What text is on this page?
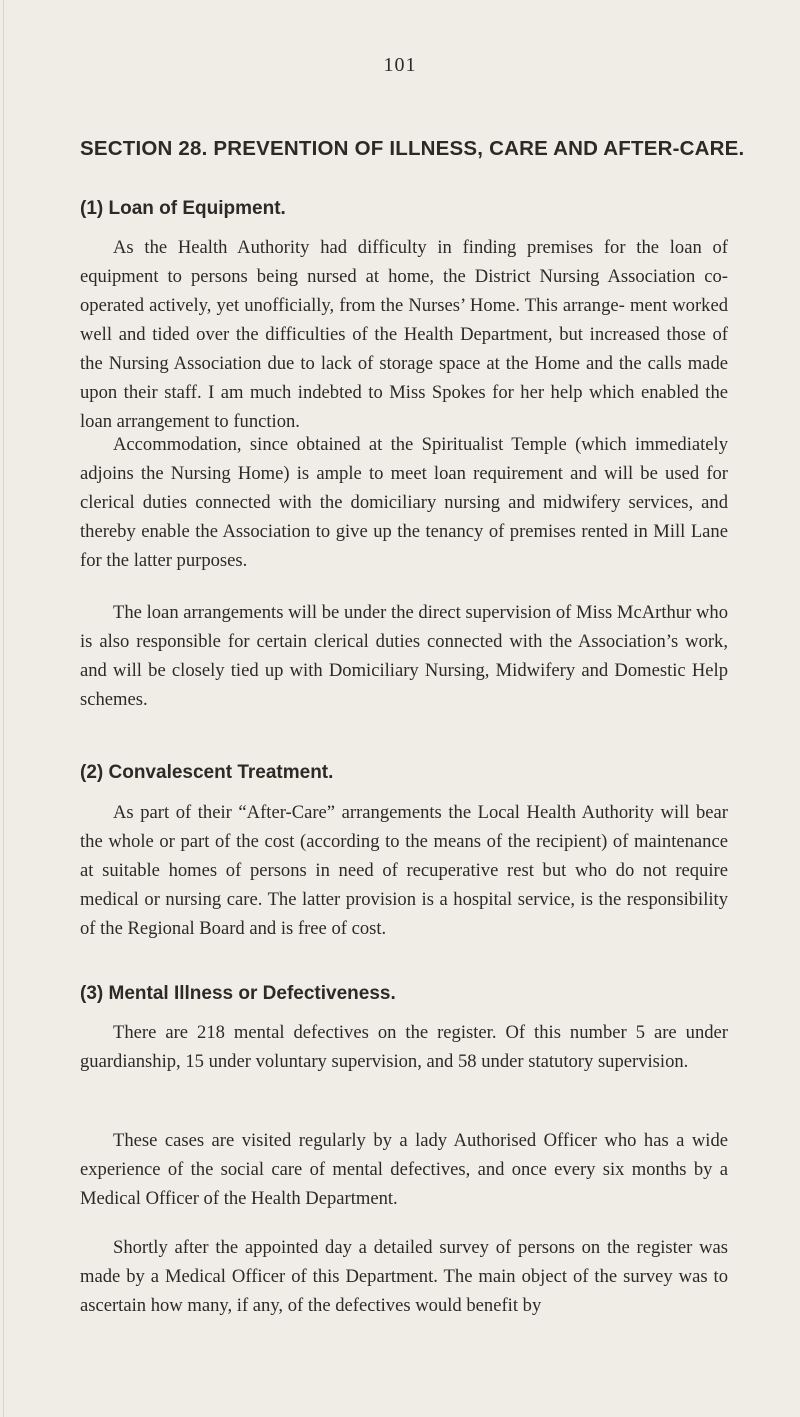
101
SECTION 28. PREVENTION OF ILLNESS, CARE AND AFTER-CARE.
(1) Loan of Equipment.

As the Health Authority had difficulty in finding premises for the loan of equipment to persons being nursed at home, the District Nursing Association co-operated actively, yet unofficially, from the Nurses’ Home. This arrange- ment worked well and tided over the difficulties of the Health Department, but increased those of the Nursing Association due to lack of storage space at the Home and the calls made upon their staff. I am much indebted to Miss Spokes for her help which enabled the loan arrangement to function.

Accommodation, since obtained at the Spiritualist Temple (which immediately adjoins the Nursing Home) is ample to meet loan requirement and will be used for clerical duties connected with the domiciliary nursing and midwifery services, and thereby enable the Association to give up the tenancy of premises rented in Mill Lane for the latter purposes.

The loan arrangements will be under the direct supervision of Miss McArthur who is also responsible for certain clerical duties connected with the Association’s work, and will be closely tied up with Domiciliary Nursing, Midwifery and Domestic Help schemes.

(2) Convalescent Treatment.

As part of their “After-Care” arrangements the Local Health Authority will bear the whole or part of the cost (according to the means of the recipient) of maintenance at suitable homes of persons in need of recuperative rest but who do not require medical or nursing care. The latter provision is a hospital service, is the responsibility of the Regional Board and is free of cost.

(3) Mental Illness or Defectiveness.

There are 218 mental defectives on the register. Of this number 5 are under guardianship, 15 under voluntary supervision, and 58 under statutory supervision.

These cases are visited regularly by a lady Authorised Officer who has a wide experience of the social care of mental defectives, and once every six months by a Medical Officer of the Health Department.

Shortly after the appointed day a detailed survey of persons on the register was made by a Medical Officer of this Department. The main object of the survey was to ascertain how many, if any, of the defectives would benefit by
